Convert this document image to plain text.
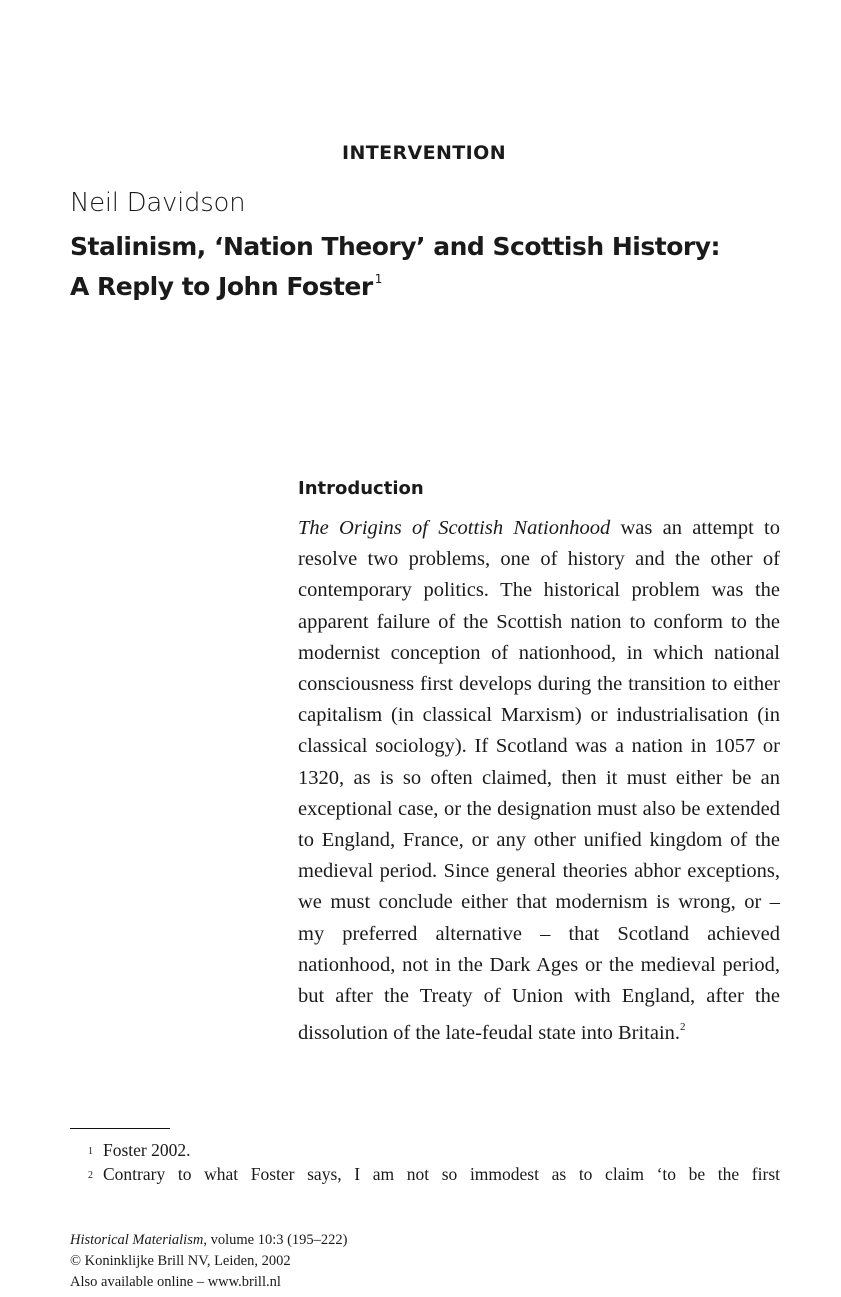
INTERVENTION
Neil Davidson
Stalinism, ‘Nation Theory’ and Scottish History:
A Reply to John Foster $^1$
Introduction

The Origins of Scottish Nationhood was an attempt to resolve two problems, one of history and the other of contemporary politics. The historical problem was the apparent failure of the Scottish nation to conform to the modernist conception of nationhood, in which national consciousness first develops during the transition to either capitalism (in classical Marxism) or industrialisation (in classical sociology). If Scotland was a nation in 1057 or 1320, as is so often claimed, then it must either be an exceptional case, or the designation must also be extended to England, France, or any other unified kingdom of the medieval period. Since general theories abhor exceptions, we must conclude either that modernism is wrong, or – my preferred alternative – that Scotland achieved nationhood, not in the Dark Ages or the medieval period, but after the Treaty of Union with England, after the dissolution of the late-feudal state into Britain.$^2$

1 Foster 2002.
2 Contrary to what Foster says, I am not so immodest as to claim ‘to be the first
Historical Materialism, volume 10:3 (195–222)
© Koninklijke Brill NV, Leiden, 2002
Also available online – www.brill.nl
